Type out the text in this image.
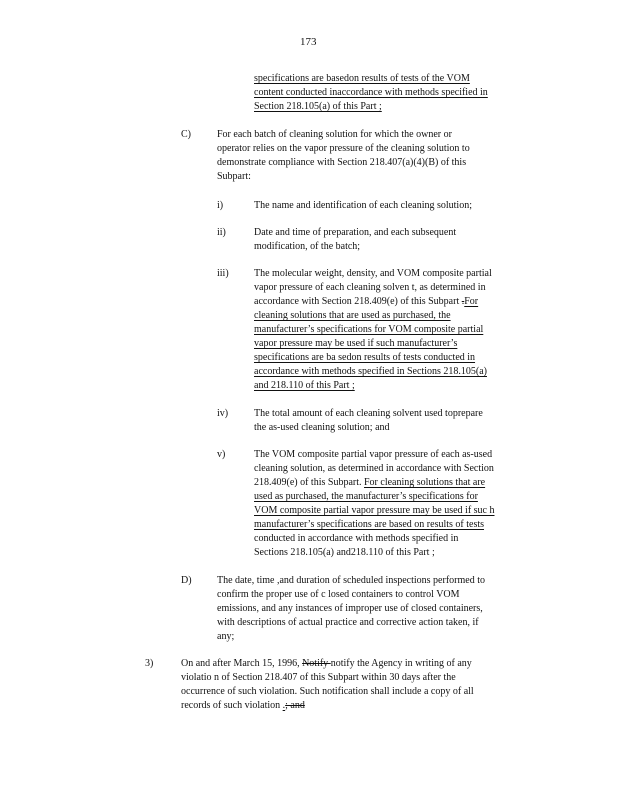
173
specifications are basedon results of tests of the VOM
content conducted inaccordance with methods specified in
Section 218.105(a) of this Part ;
C)	For each batch of cleaning solution for which the owner or
operator relies on the vapor pressure of the cleaning solution to
demonstrate compliance with Section 218.407(a)(4)(B) of this
Subpart:
i)	The name and identification of each cleaning solution;
ii)	Date and time of preparation, and each subsequent
modification, of the batch;
iii)	The molecular weight, density, and VOM composite partial
vapor pressure of each cleaning solven t, as determined in
accordance with Section 218.409(e) of this Subpart .For
cleaning solutions that are used as purchased, the
manufacturer’s specifications for VOM composite partial
vapor pressure may be used if such manufacturer’s
specifications are ba sedon results of tests conducted in
accordance with methods specified in Sections 218.105(a)
and 218.110 of this Part ;
iv)	The total amount of each cleaning solvent used toprepare
the as-used cleaning solution; and
v)	The VOM composite partial vapor pressure of each as-used
cleaning solution, as determined in accordance with Section
218.409(e) of this Subpart. For cleaning solutions that are
used as purchased, the manufacturer’s specifications for
VOM composite partial vapor pressure may be used if suc h
manufacturer’s specifications are based on results of tests
conducted in accordance with methods specified in
Sections 218.105(a) and218.110 of this Part ;
D)	The date, time ,and duration of scheduled inspections performed to
confirm the proper use of c losed containers to control VOM
emissions, and any instances of improper use of closed containers,
with descriptions of actual practice and corrective action taken, if
any;
3)	On and after March 15, 1996, Notify notify the Agency in writing of any
violatio n of Section 218.407 of this Subpart within 30 days after the
occurrence of such violation. Such notification shall include a copy of all
records of such violation .; and
